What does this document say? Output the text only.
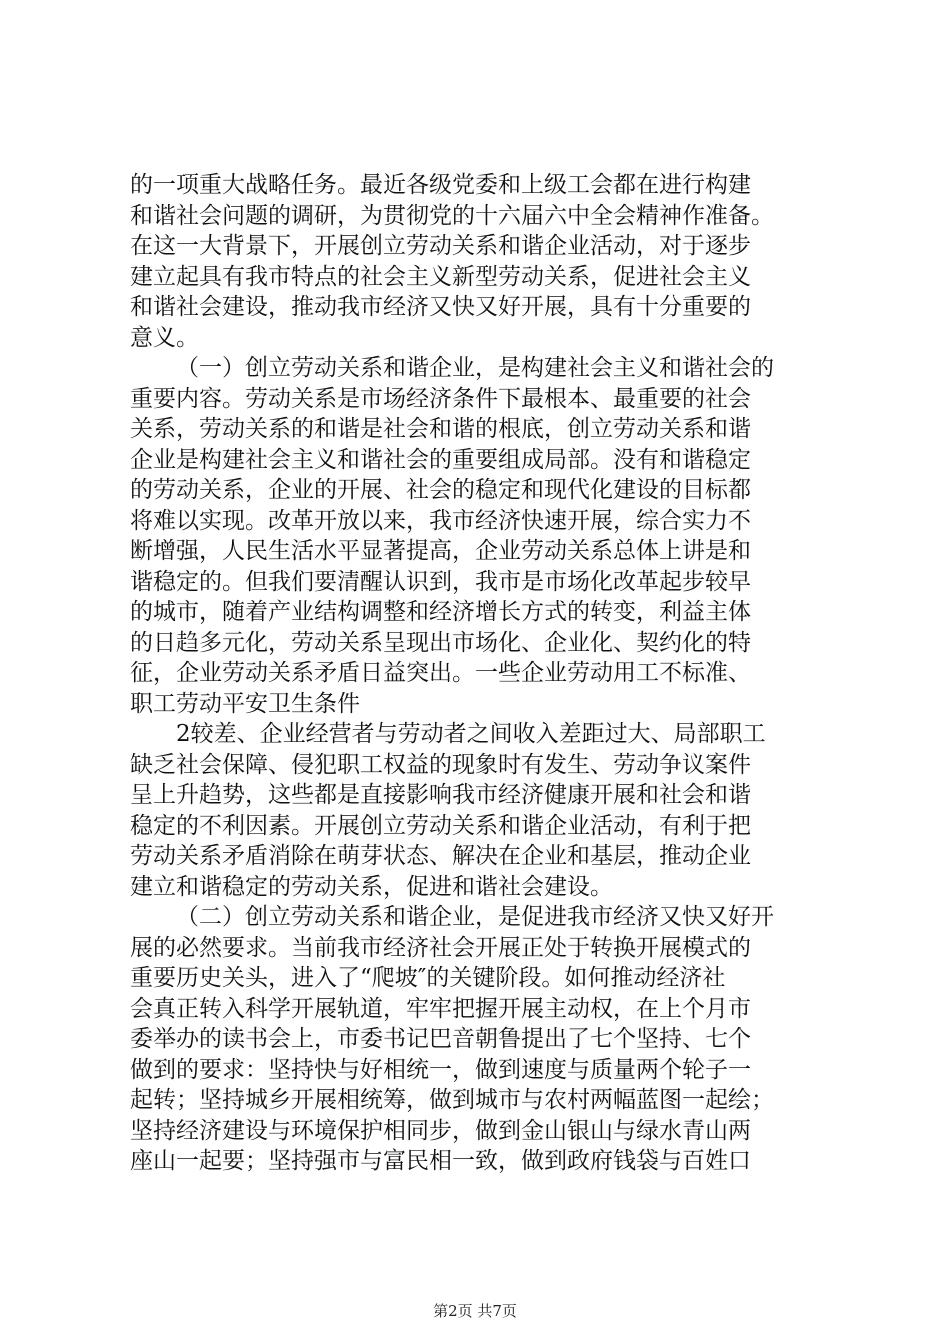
的一项重大战略任务。最近各级党委和上级工会都在进行构建
和谐社会问题的调研，为贯彻党的十六届六中全会精神作准备。
在这一大背景下，开展创立劳动关系和谐企业活动，对于逐步
建立起具有我市特点的社会主义新型劳动关系，促进社会主义
和谐社会建设，推动我市经济又快又好开展，具有十分重要的
意义。
（一）创立劳动关系和谐企业，是构建社会主义和谐社会的
重要内容。劳动关系是市场经济条件下最根本、最重要的社会
关系，劳动关系的和谐是社会和谐的根底，创立劳动关系和谐
企业是构建社会主义和谐社会的重要组成局部。没有和谐稳定
的劳动关系，企业的开展、社会的稳定和现代化建设的目标都
将难以实现。改革开放以来，我市经济快速开展，综合实力不
断增强，人民生活水平显著提高，企业劳动关系总体上讲是和
谐稳定的。但我们要清醒认识到，我市是市场化改革起步较早
的城市，随着产业结构调整和经济增长方式的转变，利益主体
的日趋多元化，劳动关系呈现出市场化、企业化、契约化的特
征，企业劳动关系矛盾日益突出。一些企业劳动用工不标准、
职工劳动平安卫生条件
2较差、企业经营者与劳动者之间收入差距过大、局部职工
缺乏社会保障、侵犯职工权益的现象时有发生、劳动争议案件
呈上升趋势，这些都是直接影响我市经济健康开展和社会和谐
稳定的不利因素。开展创立劳动关系和谐企业活动，有利于把
劳动关系矛盾消除在萌芽状态、解决在企业和基层，推动企业
建立和谐稳定的劳动关系，促进和谐社会建设。
（二）创立劳动关系和谐企业，是促进我市经济又快又好开
展的必然要求。当前我市经济社会开展正处于转换开展模式的
重要历史关头，进入了“爬坡″的关键阶段。如何推动经济社
会真正转入科学开展轨道，牢牢把握开展主动权，在上个月市
委举办的读书会上，市委书记巴音朝鲁提出了七个坚持、七个
做到的要求：坚持快与好相统一，做到速度与质量两个轮子一
起转；坚持城乡开展相统筹，做到城市与农村两幅蓝图一起绘；
坚持经济建设与环境保护相同步，做到金山银山与绿水青山两
座山一起要；坚持强市与富民相一致，做到政府钱袋与百姓口
第2页 共7页
